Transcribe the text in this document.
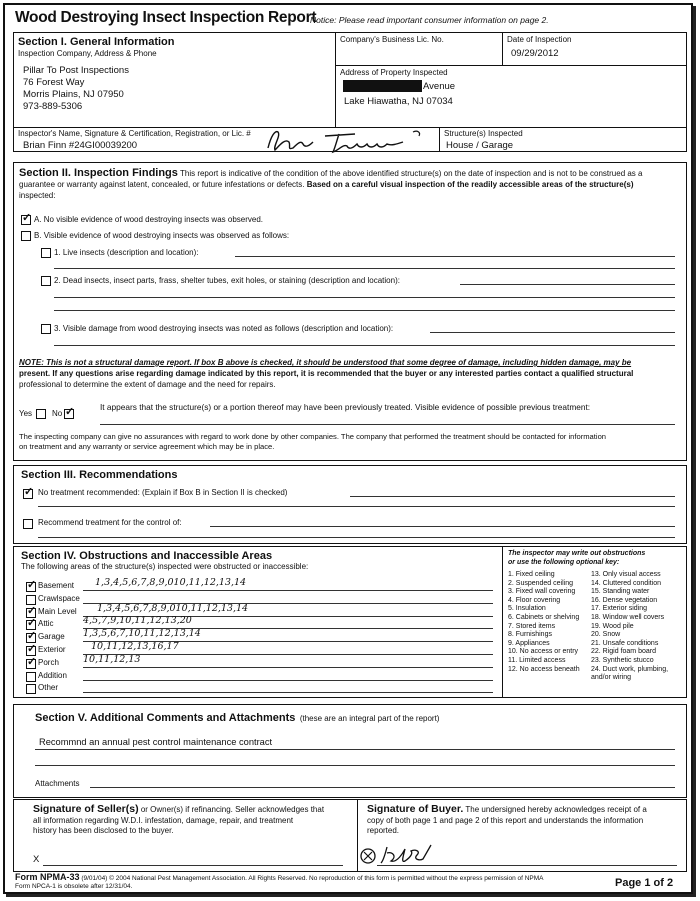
Wood Destroying Insect Inspection Report
Notice: Please read important consumer information on page 2.
Section I. General Information
Inspection Company, Address & Phone
Pillar To Post Inspections
76 Forest Way
Morris Plains, NJ 07950
973-889-5306
Company's Business Lic. No.	Date of Inspection
09/29/2012
Address of Property Inspected
Avenue
Lake Hiawatha, NJ 07034
Inspector's Name, Signature & Certification, Registration, or Lic. #
Brian Finn #24GI00039200
Structure(s) Inspected
House / Garage
Section II. Inspection Findings This report is indicative of the condition of the above identified structure(s) on the date of inspection and is not to be construed as a
guarantee or warranty against latent, concealed, or future infestations or defects. Based on a careful visual inspection of the readily accessible areas of the structure(s)
inspected:
✓
A. No visible evidence of wood destroying insects was observed.
B. Visible evidence of wood destroying insects was observed as follows:
1. Live insects (description and location):
2. Dead insects, insect parts, frass, shelter tubes, exit holes, or staining (description and location):
3. Visible damage from wood destroying insects was noted as follows (description and location):
NOTE: This is not a structural damage report. If box B above is checked, it should be understood that some degree of damage, including hidden damage, may be
present. If any questions arise regarding damage indicated by this report, it is recommended that the buyer or any interested parties contact a qualified structural
professional to determine the extent of damage and the need for repairs.
Yes No
✓
It appears that the structure(s) or a portion thereof may have been previously treated. Visible evidence of possible previous treatment:
The inspecting company can give no assurances with regard to work done by other companies. The company that performed the treatment should be contacted for information
on treatment and any warranty or service agreement which may be in place.
Section III. Recommendations
✓
No treatment recommended: (Explain if Box B in Section II is checked)
Recommend treatment for the control of:
Section IV. Obstructions and Inaccessible Areas
The following areas of the structure(s) inspected were obstructed or inaccessible:
✓
Basement 1,3,4,5,6,7,8,9,010,11,12,13,14
Crawlspace
✓
Main Level 1,3,4,5,6,7,8,9,010,11,12,13,14
✓
Attic	4,5,7,9,10,11,12,13,20
✓
Garage 1,3,5,6,7,10,11,12,13,14
✓
Exterior	10,11,12,13,16,17
✓
Porch	10,11,12,13
Addition
Other
The inspector may write out obstructions
or use the following optional key:
1. Fixed ceiling
2. Suspended ceiling
3. Fixed wall covering
4. Floor covering
5. Insulation
6. Cabinets or shelving
7. Stored items
8. Furnishings
9. Appliances
10. No access or entry
11. Limited access
12. No access beneath
13. Only visual access
14. Cluttered condition
15. Standing water
16. Dense vegetation
17. Exterior siding
18. Window well covers
19. Wood pile
20. Snow
21. Unsafe conditions
22. Rigid foam board
23. Synthetic stucco
24. Duct work, plumbing,
and/or wiring
Section V. Additional Comments and Attachments (these are an integral part of the report)
Recommnd an annual pest control maintenance contract
Attachments
Signature of Seller(s) or Owner(s) if refinancing. Seller acknowledges that
all information regarding W.D.I. infestation, damage, repair, and treatment
history has been disclosed to the buyer.
X
Signature of Buyer. The undersigned hereby acknowledges receipt of a
copy of both page 1 and page 2 of this report and understands the information
reported.
Form NPMA-33 (9/01/04) © 2004 National Pest Management Association. All Rights Reserved. No reproduction of this form is permitted without the express permission of NPMA
Form NPCA-1 is obsolete after 12/31/04.	Page 1 of 2
